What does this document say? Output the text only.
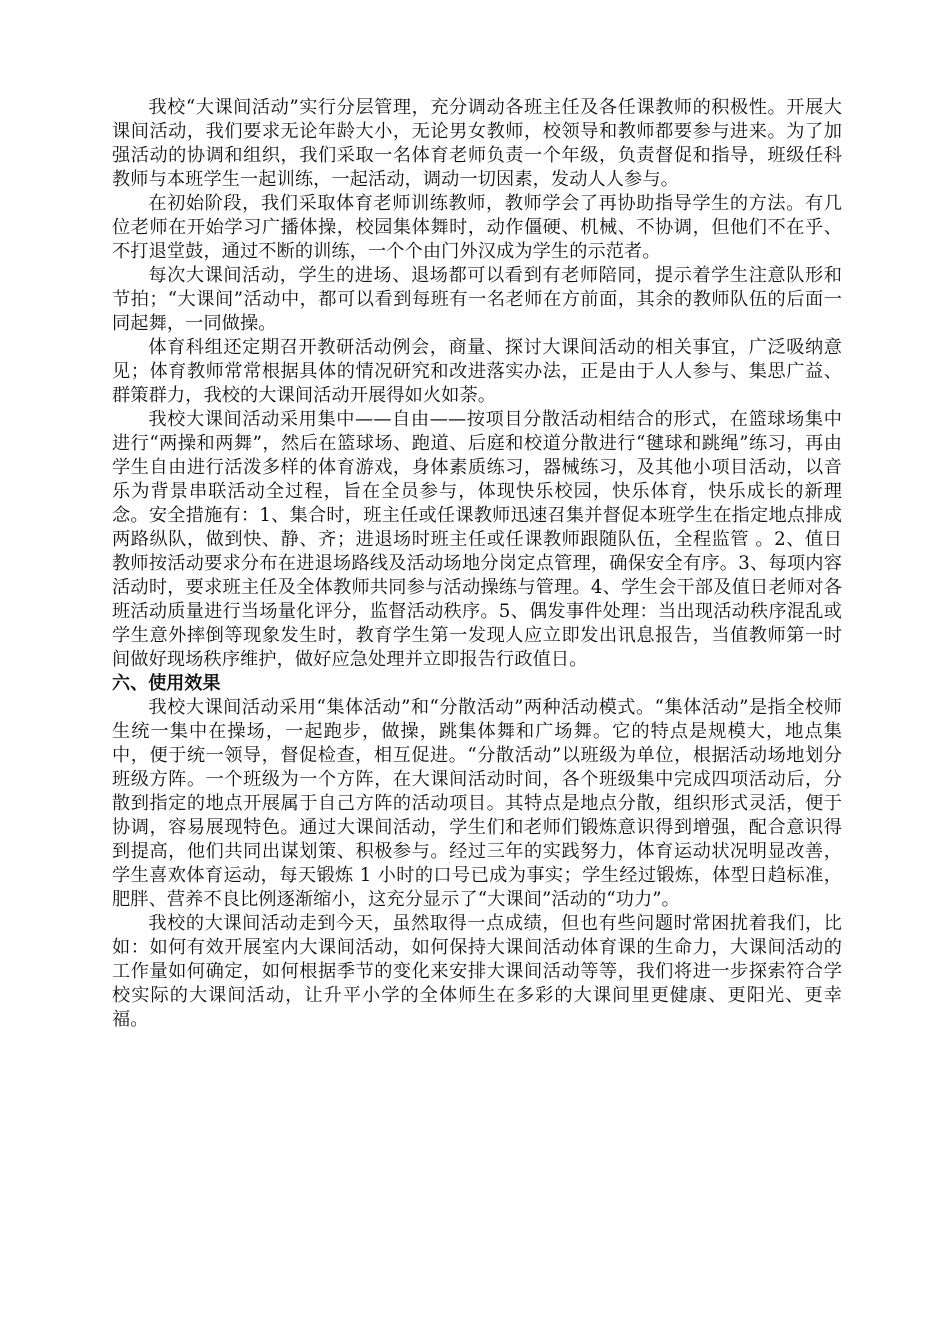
我校“大课间活动”实行分层管理，充分调动各班主任及各任课教师的积极性。开展大课间活动，我们要求无论年龄大小，无论男女教师，校领导和教师都要参与进来。为了加强活动的协调和组织，我们采取一名体育老师负责一个年级，负责督促和指导，班级任科教师与本班学生一起训练，一起活动，调动一切因素，发动人人参与。

在初始阶段，我们采取体育老师训练教师，教师学会了再协助指导学生的方法。有几位老师在开始学习广播体操，校园集体舞时，动作僵硬、机械、不协调，但他们不在乎、不打退堂鼓，通过不断的训练，一个个由门外汉成为学生的示范者。

每次大课间活动，学生的进场、退场都可以看到有老师陪同，提示着学生注意队形和节拍；“大课间”活动中，都可以看到每班有一名老师在方前面，其余的教师队伍的后面一同起舞，一同做操。

体育科组还定期召开教研活动例会，商量、探讨大课间活动的相关事宜，广泛吸纳意见；体育教师常常根据具体的情况研究和改进落实办法，正是由于人人参与、集思广益、群策群力，我校的大课间活动开展得如火如荼。

我校大课间活动采用集中——自由——按项目分散活动相结合的形式，在篮球场集中进行“两操和两舞”，然后在篮球场、跑道、后庭和校道分散进行“毽球和跳绳”练习，再由学生自由进行活泼多样的体育游戏，身体素质练习，器械练习，及其他小项目活动，以音乐为背景串联活动全过程，旨在全员参与，体现快乐校园，快乐体育，快乐成长的新理念。安全措施有：1、集合时，班主任或任课教师迅速召集并督促本班学生在指定地点排成两路纵队，做到快、静、齐；进退场时班主任或任课教师跟随队伍，全程监管 。2、值日教师按活动要求分布在进退场路线及活动场地分岗定点管理，确保安全有序。3、每项内容活动时，要求班主任及全体教师共同参与活动操练与管理。4、学生会干部及值日老师对各班活动质量进行当场量化评分，监督活动秩序。5、偶发事件处理：当出现活动秩序混乱或学生意外摔倒等现象发生时，教育学生第一发现人应立即发出讯息报告，当值教师第一时间做好现场秩序维护，做好应急处理并立即报告行政值日。

六、使用效果

我校大课间活动采用“集体活动”和“分散活动”两种活动模式。“集体活动”是指全校师生统一集中在操场，一起跑步，做操，跳集体舞和广场舞。它的特点是规模大，地点集中，便于统一领导，督促检查，相互促进。“分散活动”以班级为单位，根据活动场地划分班级方阵。一个班级为一个方阵，在大课间活动时间，各个班级集中完成四项活动后，分散到指定的地点开展属于自己方阵的活动项目。其特点是地点分散，组织形式灵活，便于协调，容易展现特色。通过大课间活动，学生们和老师们锻炼意识得到增强，配合意识得到提高，他们共同出谋划策、积极参与。经过三年的实践努力，体育运动状况明显改善，学生喜欢体育运动，每天锻炼 1 小时的口号已成为事实；学生经过锻炼，体型日趋标准，肥胖、营养不良比例逐渐缩小，这充分显示了“大课间”活动的“功力”。

我校的大课间活动走到今天，虽然取得一点成绩，但也有些问题时常困扰着我们，比如：如何有效开展室内大课间活动，如何保持大课间活动体育课的生命力，大课间活动的工作量如何确定，如何根据季节的变化来安排大课间活动等等，我们将进一步探索符合学校实际的大课间活动，让升平小学的全体师生在多彩的大课间里更健康、更阳光、更幸福。
